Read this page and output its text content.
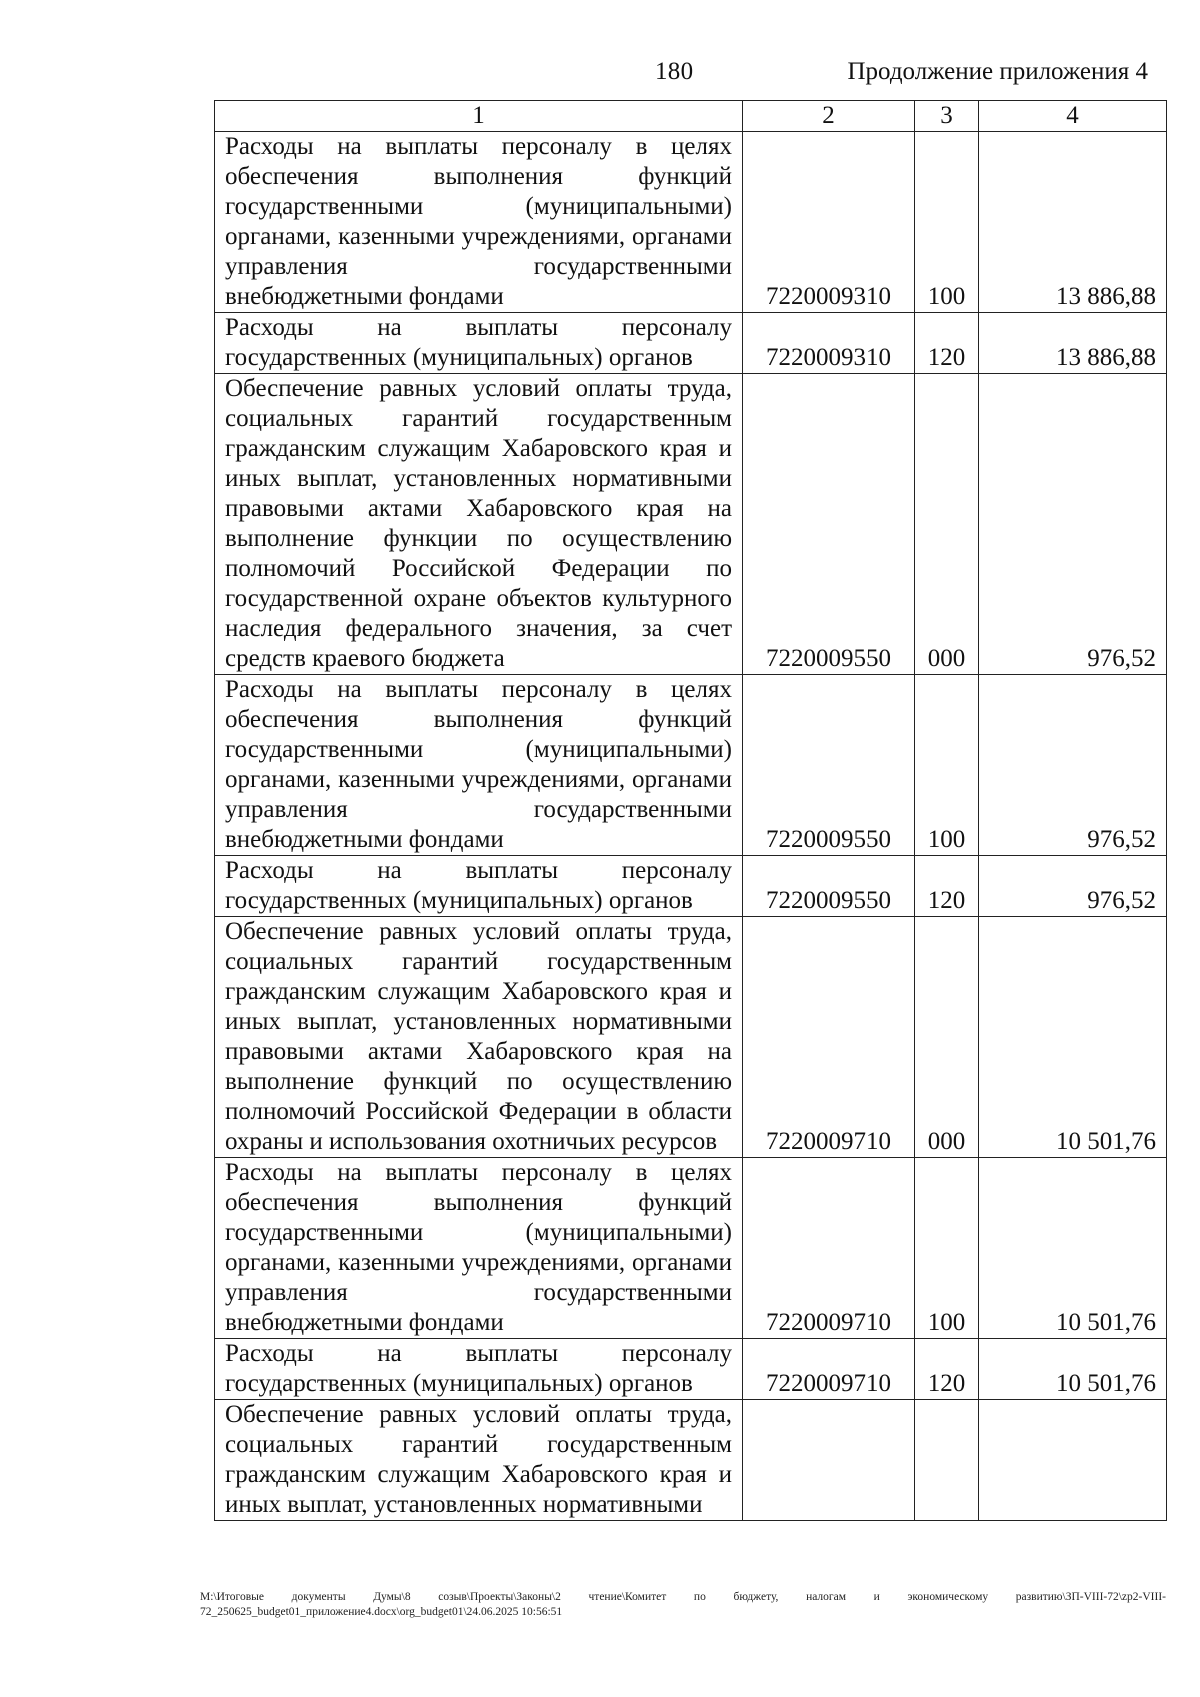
180	Продолжение приложения 4
1	2	3	4
Расходы на выплаты персоналу в целях обеспечения выполнения функций государственными (муниципальными) органами, казенными учреждениями, органами управления государственными внебюджетными фондами	7220009310	100	13 886,88
Расходы на выплаты персоналу государственных (муниципальных) органов	7220009310	120	13 886,88
Обеспечение равных условий оплаты труда, социальных гарантий государственным гражданским служащим Хабаровского края и иных выплат, установленных нормативными правовыми актами Хабаровского края на выполнение функции по осуществлению полномочий Российской Федерации по государственной охране объектов культурного наследия федерального значения, за счет средств краевого бюджета	7220009550	000	976,52
Расходы на выплаты персоналу в целях обеспечения выполнения функций государственными (муниципальными) органами, казенными учреждениями, органами управления государственными внебюджетными фондами	7220009550	100	976,52
Расходы на выплаты персоналу государственных (муниципальных) органов	7220009550	120	976,52
Обеспечение равных условий оплаты труда, социальных гарантий государственным гражданским служащим Хабаровского края и иных выплат, установленных нормативными правовыми актами Хабаровского края на выполнение функций по осуществлению полномочий Российской Федерации в области охраны и использования охотничьих ресурсов	7220009710	000	10 501,76
Расходы на выплаты персоналу в целях обеспечения выполнения функций государственными (муниципальными) органами, казенными учреждениями, органами управления государственными внебюджетными фондами	7220009710	100	10 501,76
Расходы на выплаты персоналу государственных (муниципальных) органов	7220009710	120	10 501,76
Обеспечение равных условий оплаты труда, социальных гарантий государственным гражданским служащим Хабаровского края и иных выплат, установленных нормативными			
М:\Итоговые документы Думы\8 созыв\Проекты\Законы\2 чтение\Комитет по бюджету, налогам и экономическому развитию\ЗП-VIII-72\zp2-VIII-72_250625_budget01_приложение4.docx\org_budget01\24.06.2025 10:56:51
